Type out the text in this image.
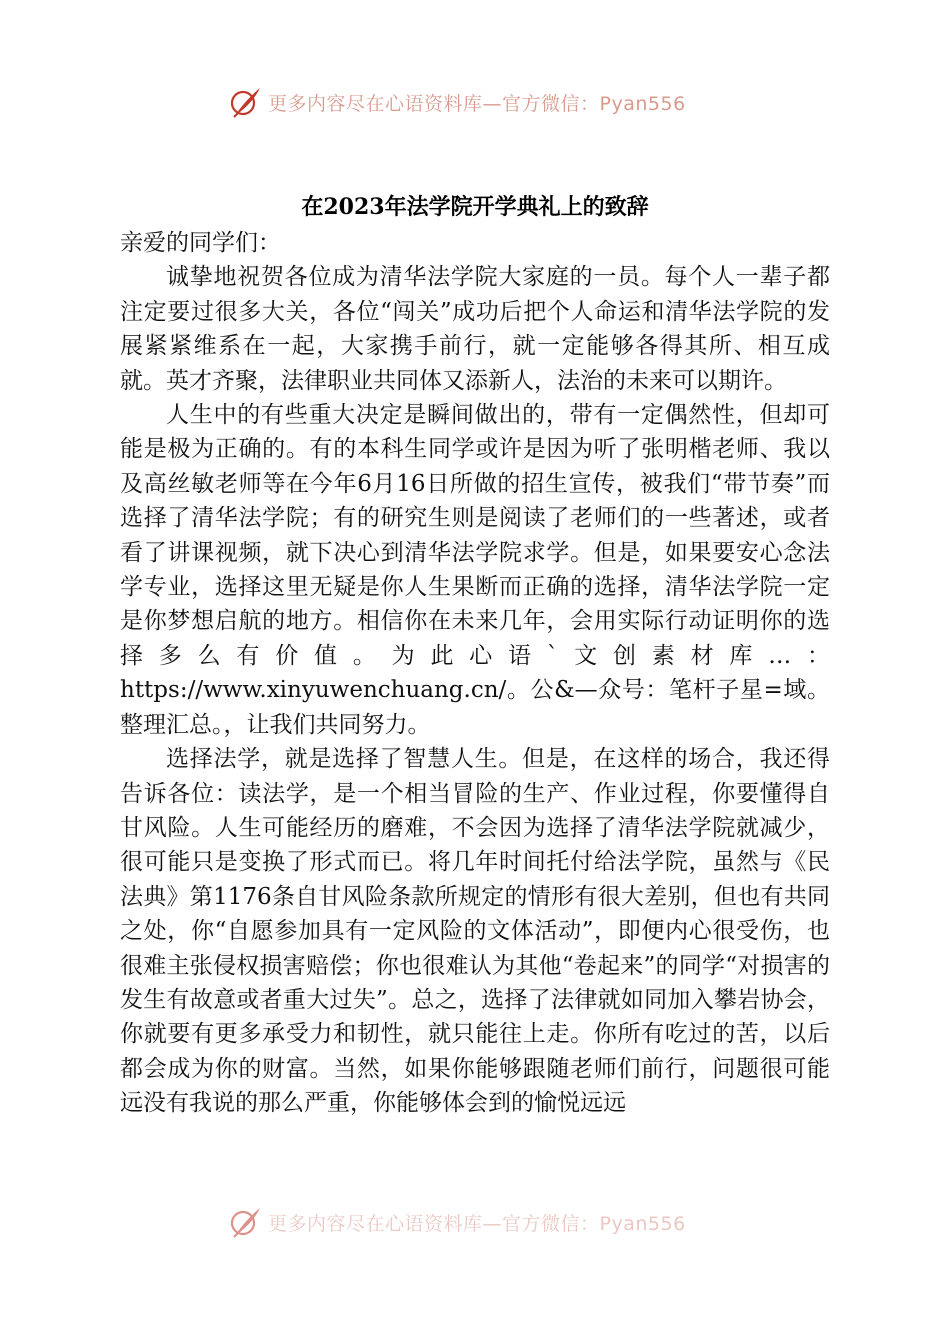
更多内容尽在心语资料库—官方微信：Pyan556
在2023年法学院开学典礼上的致辞

亲爱的同学们：

诚挚地祝贺各位成为清华法学院大家庭的一员。每个人一辈子都注定要过很多大关，各位“闯关”成功后把个人命运和清华法学院的发展紧紧维系在一起，大家携手前行，就一定能够各得其所、相互成就。英才齐聚，法律职业共同体又添新人，法治的未来可以期许。

人生中的有些重大决定是瞬间做出的，带有一定偶然性，但却可能是极为正确的。有的本科生同学或许是因为听了张明楷老师、我以及高丝敏老师等在今年6月16日所做的招生宣传，被我们“带节奏”而选择了清华法学院；有的研究生则是阅读了老师们的一些著述，或者看了讲课视频，就下决心到清华法学院求学。但是，如果要安心念法学专业，选择这里无疑是你人生果断而正确的选择，清华法学院一定是你梦想启航的地方。相信你在未来几年，会用实际行动证明你的选择多么有价值。为此心语`文创素材库…：https://www.xinyuwenchuang.cn/。公&—众号：笔杆子星=域。整理汇总。，让我们共同努力。

选择法学，就是选择了智慧人生。但是，在这样的场合，我还得告诉各位：读法学，是一个相当冒险的生产、作业过程，你要懂得自甘风险。人生可能经历的磨难，不会因为选择了清华法学院就减少，很可能只是变换了形式而已。将几年时间托付给法学院，虽然与《民法典》第1176条自甘风险条款所规定的情形有很大差别，但也有共同之处，你“自愿参加具有一定风险的文体活动”，即便内心很受伤，也很难主张侵权损害赔偿；你也很难认为其他“卷起来”的同学“对损害的发生有故意或者重大过失”。总之，选择了法律就如同加入攀岩协会，你就要有更多承受力和韧性，就只能往上走。你所有吃过的苦，以后都会成为你的财富。当然，如果你能够跟随老师们前行，问题很可能远没有我说的那么严重，你能够体会到的愉悦远远

更多内容尽在心语资料库—官方微信：Pyan556
